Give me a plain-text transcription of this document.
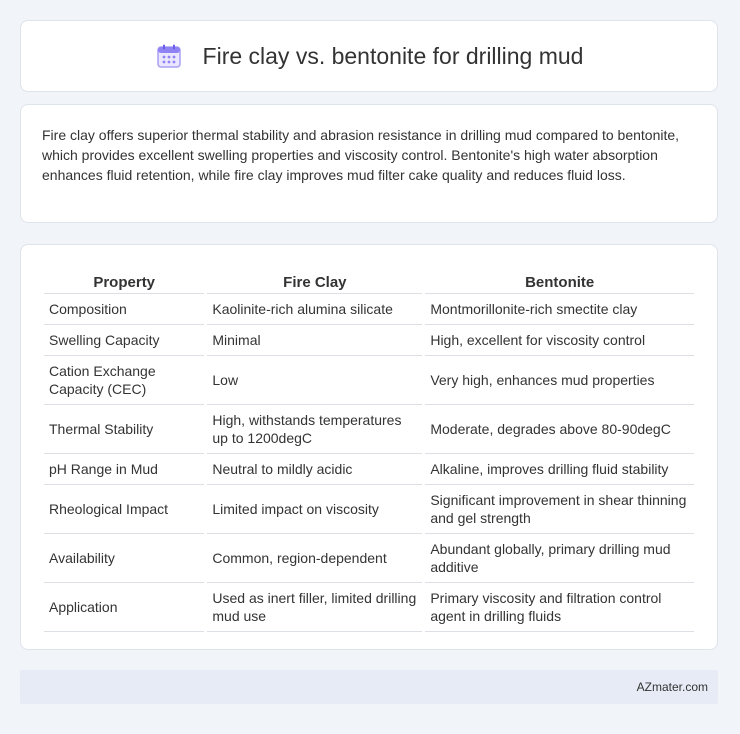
Fire clay vs. bentonite for drilling mud

Fire clay offers superior thermal stability and abrasion resistance in drilling mud compared to bentonite, which provides excellent swelling properties and viscosity control. Bentonite's high water absorption enhances fluid retention, while fire clay improves mud filter cake quality and reduces fluid loss.

Property	Fire Clay	Bentonite
Composition	Kaolinite-rich alumina silicate	Montmorillonite-rich smectite clay
Swelling Capacity	Minimal	High, excellent for viscosity control
Cation Exchange Capacity (CEC)	Low	Very high, enhances mud properties
Thermal Stability	High, withstands temperatures up to 1200degC	Moderate, degrades above 80-90degC
pH Range in Mud	Neutral to mildly acidic	Alkaline, improves drilling fluid stability
Rheological Impact	Limited impact on viscosity	Significant improvement in shear thinning and gel strength
Availability	Common, region-dependent	Abundant globally, primary drilling mud additive
Application	Used as inert filler, limited drilling mud use	Primary viscosity and filtration control agent in drilling fluids
AZmater.com
